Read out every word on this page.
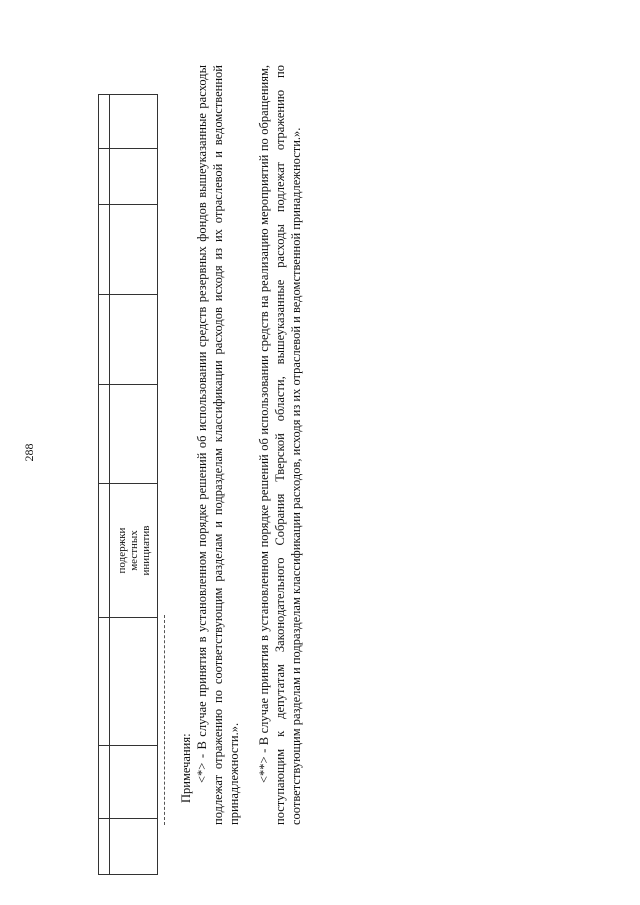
288

			подержки
местных
инициатив					

Примечания: <*> - В случае принятия в установленном порядке решений об использовании средств резервных фондов вышеуказанные расходы подлежат отражению по соответствующим разделам и подразделам классификации расходов исходя из их отраслевой и ведомственной принадлежности.». <**> - В случае принятия в установленном порядке решений об использовании средств на реализацию мероприятий по обращениям, поступающим к депутатам Законодательного Собрания Тверской области, вышеуказанные расходы подлежат отражению по соответствующим разделам и подразделам классификации расходов, исходя из их отраслевой и ведомственной принадлежности.».
